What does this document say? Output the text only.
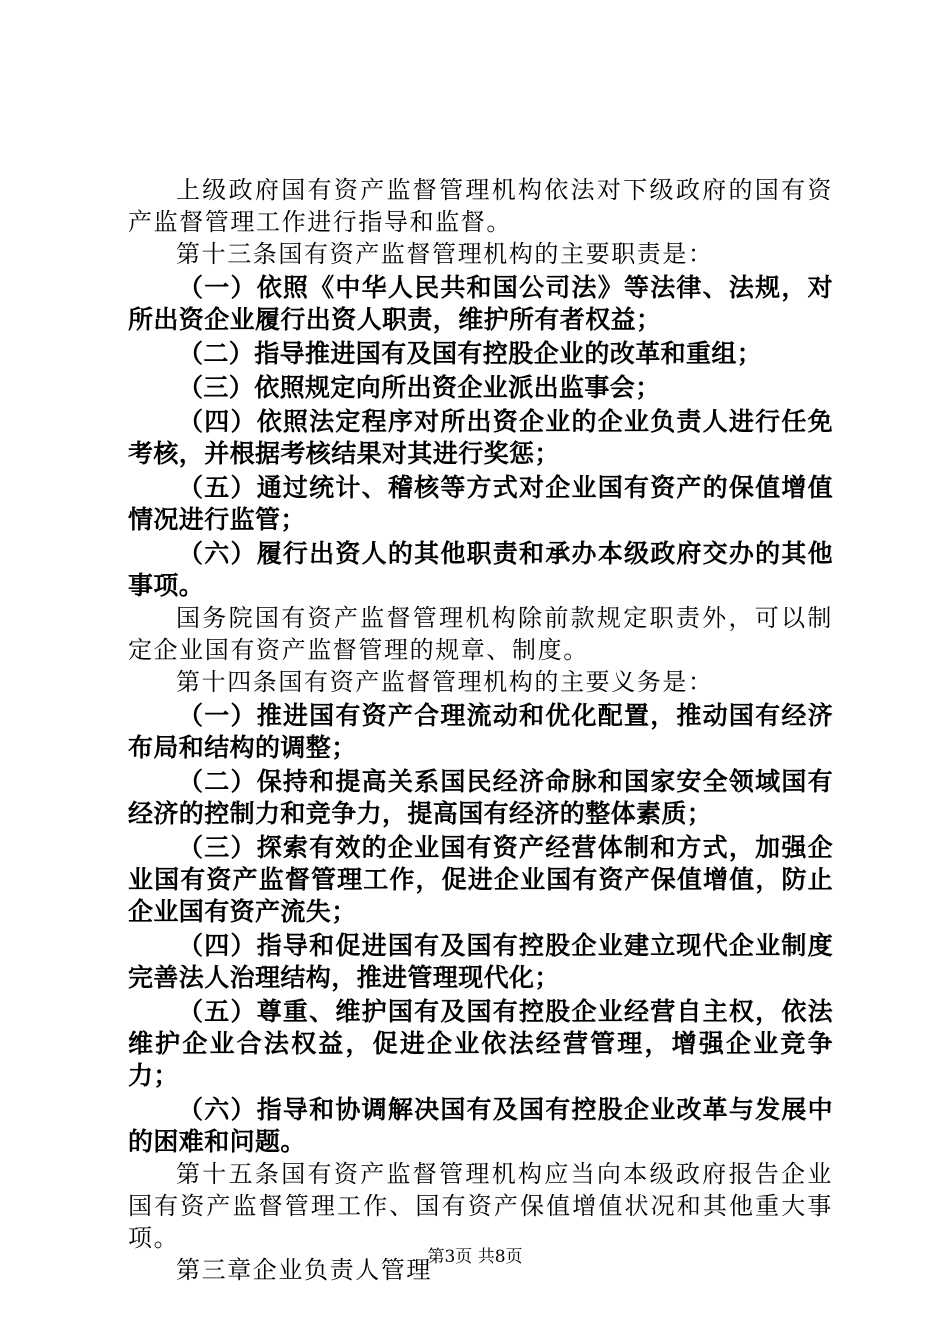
上级政府国有资产监督管理机构依法对下级政府的国有资产监督管理工作进行指导和监督。

第十三条国有资产监督管理机构的主要职责是：

（一）依照《中华人民共和国公司法》等法律、法规，对所出资企业履行出资人职责，维护所有者权益；

（二）指导推进国有及国有控股企业的改革和重组；

（三）依照规定向所出资企业派出监事会；

（四）依照法定程序对所出资企业的企业负责人进行任免考核，并根据考核结果对其进行奖惩；

（五）通过统计、稽核等方式对企业国有资产的保值增值情况进行监管；

（六）履行出资人的其他职责和承办本级政府交办的其他事项。

国务院国有资产监督管理机构除前款规定职责外，可以制定企业国有资产监督管理的规章、制度。

第十四条国有资产监督管理机构的主要义务是：

（一）推进国有资产合理流动和优化配置，推动国有经济布局和结构的调整；

（二）保持和提高关系国民经济命脉和国家安全领域国有经济的控制力和竞争力，提高国有经济的整体素质；

（三）探索有效的企业国有资产经营体制和方式，加强企业国有资产监督管理工作，促进企业国有资产保值增值，防止企业国有资产流失；

（四）指导和促进国有及国有控股企业建立现代企业制度完善法人治理结构，推进管理现代化；

（五）尊重、维护国有及国有控股企业经营自主权，依法维护企业合法权益，促进企业依法经营管理，增强企业竞争力；

（六）指导和协调解决国有及国有控股企业改革与发展中的困难和问题。

第十五条国有资产监督管理机构应当向本级政府报告企业国有资产监督管理工作、国有资产保值增值状况和其他重大事项。

第三章企业负责人管理

第3页 共8页
